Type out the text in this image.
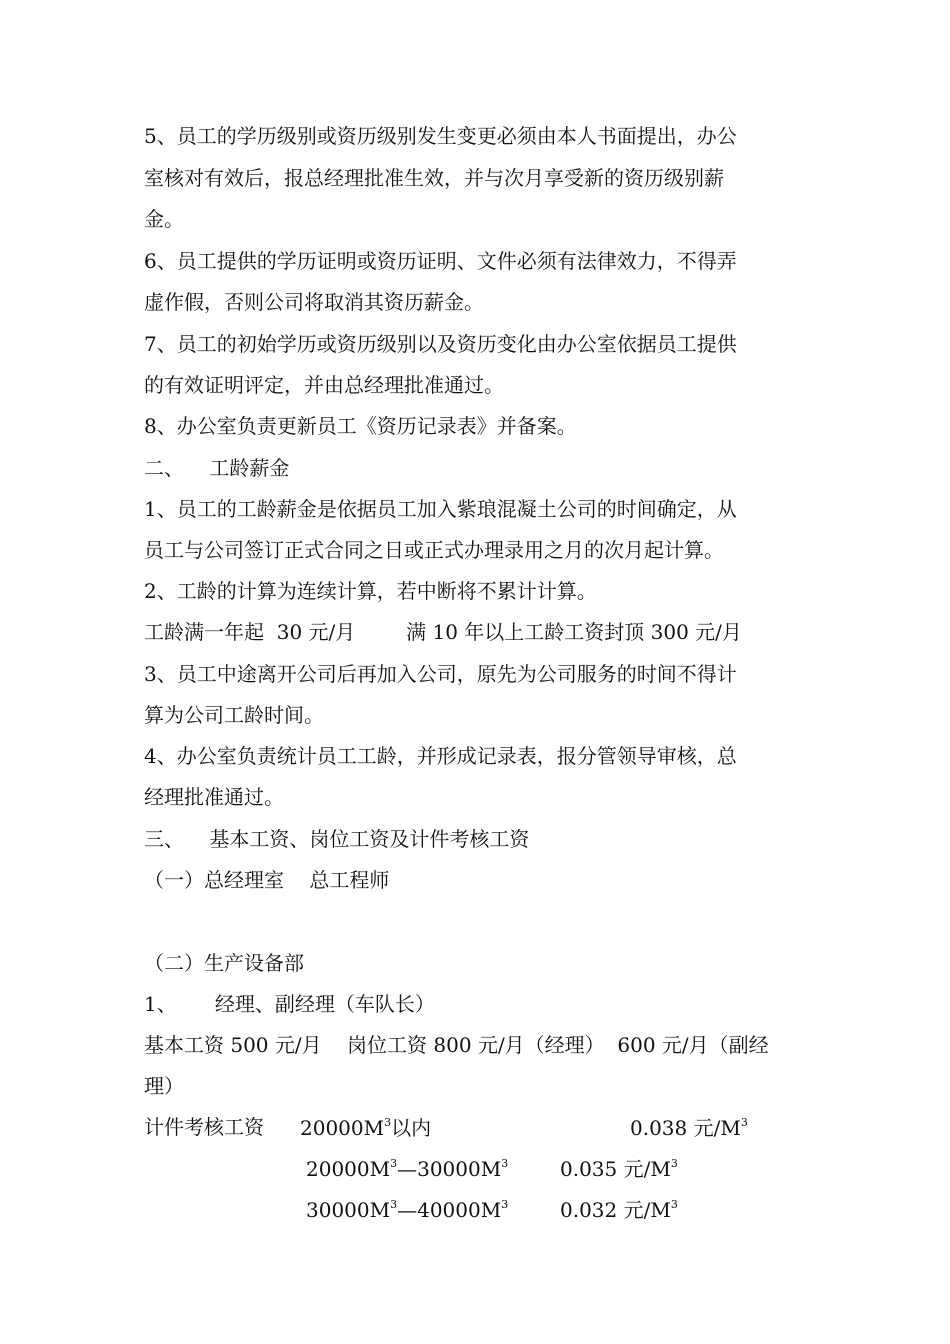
5、员工的学历级别或资历级别发生变更必须由本人书面提出，办公
室核对有效后，报总经理批准生效，并与次月享受新的资历级别薪
金。
6、员工提供的学历证明或资历证明、文件必须有法律效力，不得弄
虚作假，否则公司将取消其资历薪金。
7、员工的初始学历或资历级别以及资历变化由办公室依据员工提供
的有效证明评定，并由总经理批准通过。
8、办公室负责更新员工《资历记录表》并备案。
二、    工龄薪金
1、员工的工龄薪金是依据员工加入紫琅混凝土公司的时间确定，从
员工与公司签订正式合同之日或正式办理录用之月的次月起计算。
2、工龄的计算为连续计算，若中断将不累计计算。
工龄满一年起  30 元/月        满 10 年以上工龄工资封顶 300 元/月
3、员工中途离开公司后再加入公司，原先为公司服务的时间不得计
算为公司工龄时间。
4、办公室负责统计员工工龄，并形成记录表，报分管领导审核，总
经理批准通过。
三、    基本工资、岗位工资及计件考核工资
（一）总经理室    总工程师
（二）生产设备部
1、      经理、副经理（车队长）
基本工资 500 元/月    岗位工资 800 元/月（经理）  600 元/月（副经
理）
计件考核工资 $20000M^3$以内	0.038 元$/M^3$
$20000M^3—30000M^3$	0.035 元$/M^3$
$30000M^3—40000M^3$	0.032 元$/M^3$
